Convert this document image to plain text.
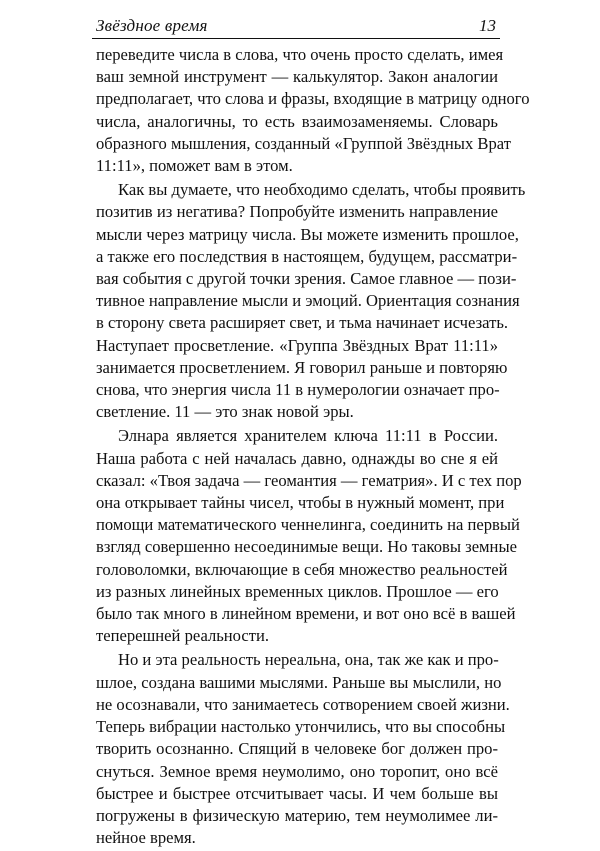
Звёздное время	13
переведите числа в слова, что очень просто сделать, имея
ваш земной инструмент — калькулятор. Закон аналогии
предполагает, что слова и фразы, входящие в матрицу одного
числа, аналогичны, то есть взаимозаменяемы. Словарь
образного мышления, созданный «Группой Звёздных Врат
11:11», поможет вам в этом.
Как вы думаете, что необходимо сделать, чтобы проявить
позитив из негатива? Попробуйте изменить направление
мысли через матрицу числа. Вы можете изменить прошлое,
а также его последствия в настоящем, будущем, рассматри-
вая события с другой точки зрения. Самое главное — пози-
тивное направление мысли и эмоций. Ориентация сознания
в сторону света расширяет свет, и тьма начинает исчезать.
Наступает просветление. «Группа Звёздных Врат 11:11»
занимается просветлением. Я говорил раньше и повторяю
снова, что энергия числа 11 в нумерологии означает про-
светление. 11 — это знак новой эры.
Элнара является хранителем ключа 11:11 в России.
Наша работа с ней началась давно, однажды во сне я ей
сказал: «Твоя задача — геомантия — гематрия». И с тех пор
она открывает тайны чисел, чтобы в нужный момент, при
помощи математического ченнелинга, соединить на первый
взгляд совершенно несоединимые вещи. Но таковы земные
головоломки, включающие в себя множество реальностей
из разных линейных временных циклов. Прошлое — его
было так много в линейном времени, и вот оно всё в вашей
теперешней реальности.
Но и эта реальность нереальна, она, так же как и про-
шлое, создана вашими мыслями. Раньше вы мыслили, но
не осознавали, что занимаетесь сотворением своей жизни.
Теперь вибрации настолько утончились, что вы способны
творить осознанно. Спящий в человеке бог должен про-
снуться. Земное время неумолимо, оно торопит, оно всё
быстрее и быстрее отсчитывает часы. И чем больше вы
погружены в физическую материю, тем неумолимее ли-
нейное время.
